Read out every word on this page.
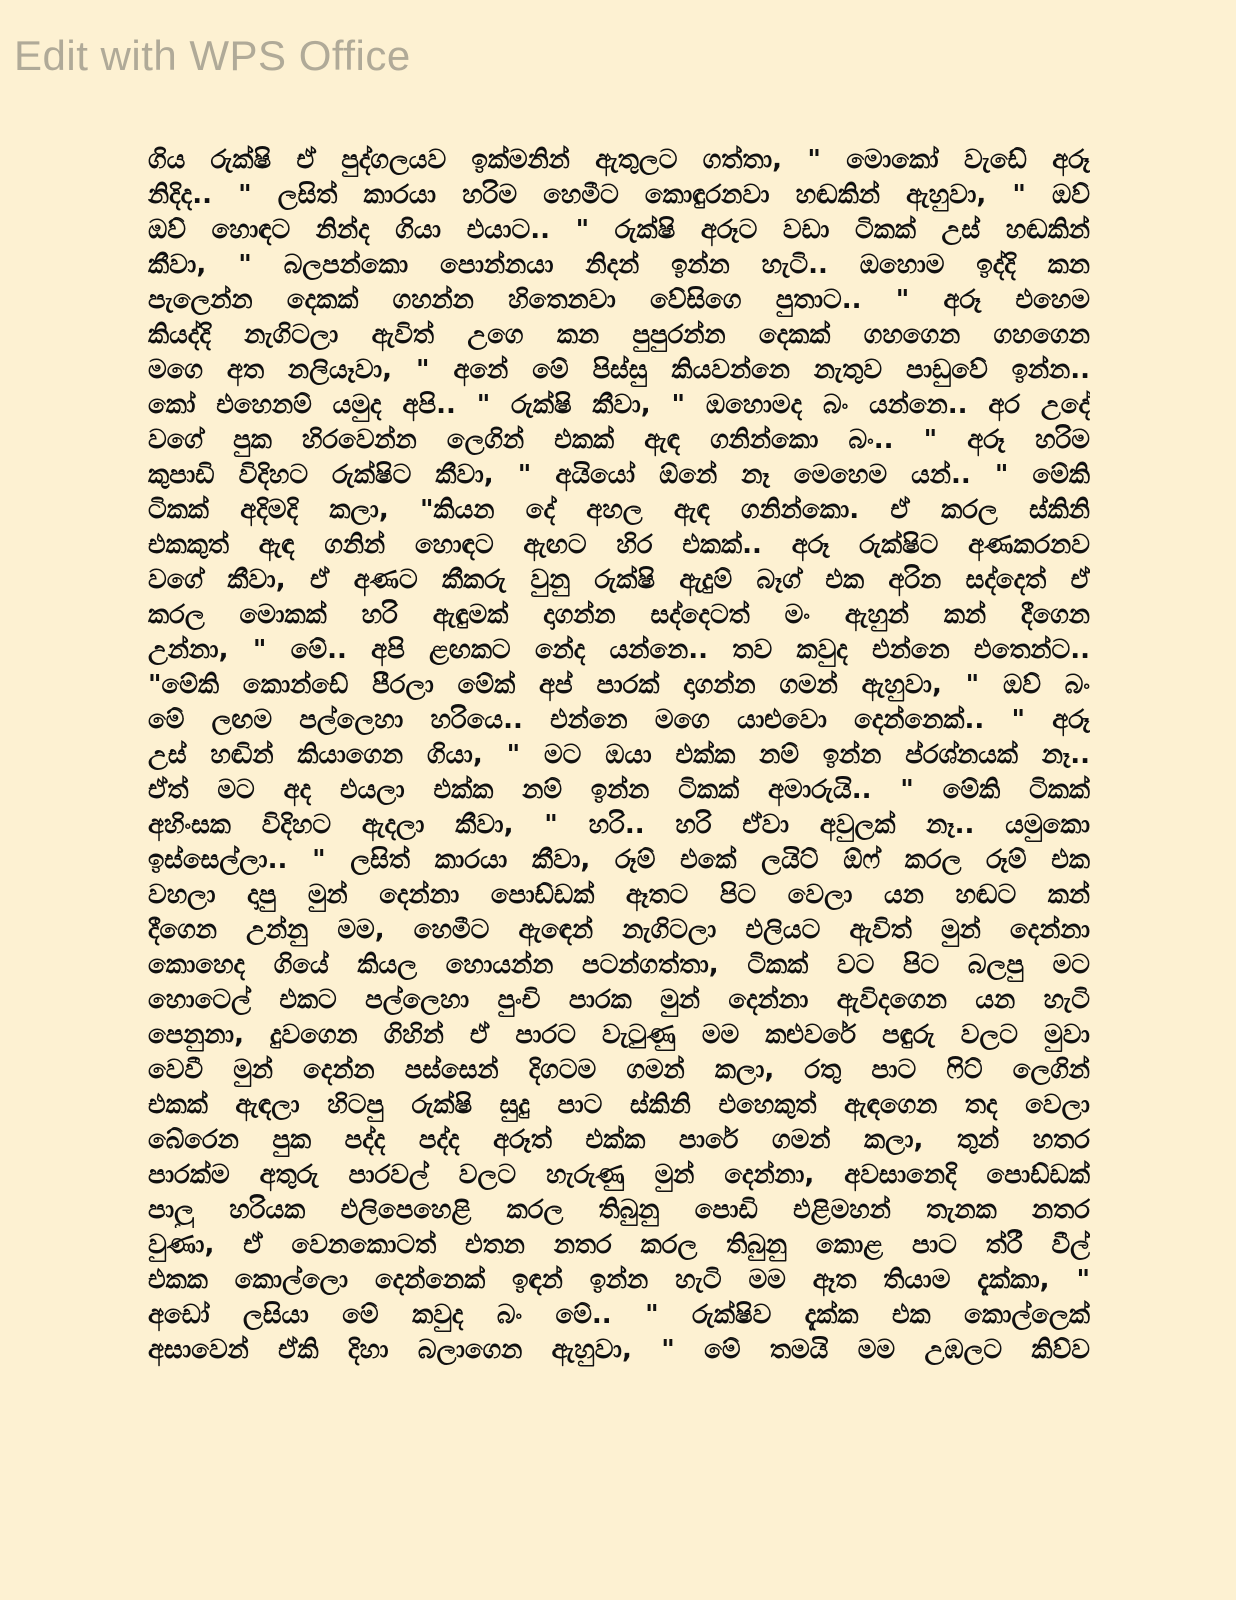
Edit with WPS Office
ගිය රුක්ෂි ඒ පුද්ගලයව ඉක්මනින් ඇතුලට ගත්තා, " මොකෝ වැඩේ අරූ
නිදිද.. " ලසිත් කාරයා හරිම හෙමීට කොඳුරනවා හඬකින් ඇහුවා, " ඔව්
ඔව් හොඳට නින්ද ගියා එයාට.. " රුක්ෂි අරූට වඩා ටිකක් උස් හඬකින්
කීවා, " බලපන්කො පොන්නයා නිදන් ඉන්න හැටි.. ඔහොම ඉද්දි කන
පැලෙන්න දෙකක් ගහන්න හිතෙනවා වේසිගෙ පුතාට.. " අරූ එහෙම
කියද්දි නැගිටලා ඇවිත් උගෙ කන පුපුරන්න දෙකක් ගහගෙන ගහගෙන
මගෙ අත නලියෑවා, " අනේ මේ පිස්සු කියවන්නෙ නැතුව පාඩුවේ ඉන්න..
කෝ එහෙනම් යමුද අපි.. " රුක්ෂි කීවා, " ඔහොමද බං යන්නෙ.. අර උදේ
වගේ පුක හිරවෙන්න ලෙගින් එකක් ඇඳ ගනින්කො බං.. " අරූ හරිම
කුපාඩි විදිහට රුක්ෂිට කීවා, " අයියෝ ඕනේ නෑ මෙහෙම යන්.. " මේකි
ටිකක් අදිමදි කලා, "කියන දේ අහල ඇඳ ගනින්කො. ඒ කරල ස්කිනි
එකකුත් ඇඳ ගනින් හොඳට ඇඟට හිර එකක්.. අරූ රුක්ෂිට අණකරනව
වගේ කීවා, ඒ අණට කීකරු වුනු රුක්ෂි ඇදුම් බෑග් එක අරින සද්දෙත් ඒ
කරල මොකක් හරි ඇඳුමක් දාගන්න සද්දෙටත් මං ඇහුන් කන් දීගෙන
උන්නා, " මේ.. අපි ළඟකට නේද යන්නෙ.. තව කවුද එන්නෙ එතෙන්ට..
"මේකි කොන්ඩේ පීරලා මේක් අප් පාරක් දාගන්න ගමන් ඇහුවා, " ඔව් බං
මේ ලඟම පල්ලෙහා හරියෙ.. එන්නෙ මගෙ යාළුවො දෙන්නෙක්.. " අරූ
උස් හඬින් කියාගෙන ගියා, " මට ඔයා එක්ක නම් ඉන්න ප්රශ්නයක් නෑ..
ඒත් මට අද එයලා එක්ක නම් ඉන්න ටිකක් අමාරුයි.. " මේකි ටිකක්
අහිංසක විදිහට ඇදලා කීවා, " හරි.. හරි ඒවා අවුලක් නෑ.. යමුකො
ඉස්සෙල්ලා.. " ලසිත් කාරයා කීවා, රූම් එකේ ලයිට් ඕෆ් කරල රූම් එක
වහලා දාපු මුන් දෙන්නා පොඩ්ඩක් ඈතට පිට වෙලා යන හඬට කන්
දීගෙන උන්නු මම, හෙමීට ඇඳෙන් නැගිටලා එලියට ඇවිත් මුන් දෙන්නා
කොහෙද ගියේ කියල හොයන්න පටන්ගත්තා, ටිකක් වට පිට බලපු මට
හොටෙල් එකට පල්ලෙහා පුංචි පාරක මුන් දෙන්නා ඇවිදගෙන යන හැටි
පෙනුනා, දුවගෙන ගිහින් ඒ පාරට වැටුණු මම කළුවරේ පඳුරු වලට මුවා
වෙවී මුන් දෙන්න පස්සෙන් දිගටම ගමන් කලා, රතු පාට ෆිට් ලෙගින්
එකක් ඇඳලා හිටපු රුක්ෂි සුදු පාට ස්කිනි එහෙකුත් ඇඳගෙන තද වෙලා
බේරෙන පුක පද්ද පද්ද අරූත් එක්ක පාරේ ගමන් කලා, තුන් හතර
පාරක්ම අතුරු පාරවල් වලට හැරුණු මුන් දෙන්නා, අවසානෙදි පොඩ්ඩක්
පාලු හරියක එලිපෙහෙළි කරල තිබුනු පොඩි එළිමහන් තැනක නතර
වුණා, ඒ වෙනකොටත් එතන නතර කරල තිබුනු කොළ පාට ත්රී වීල්
එකක කොල්ලො දෙන්නෙක් ඉඳන් ඉන්න හැටි මම ඈත තියාම දැක්කා, "
අඩෝ ලසියා මේ කවුද බං මේ.. " රුක්ෂිව දැක්ක එක කොල්ලෙක්
අසාවෙන් ඒකි දිහා බලාගෙන ඇහුවා, " මේ තමයි මම උඹලට කිව්ව
